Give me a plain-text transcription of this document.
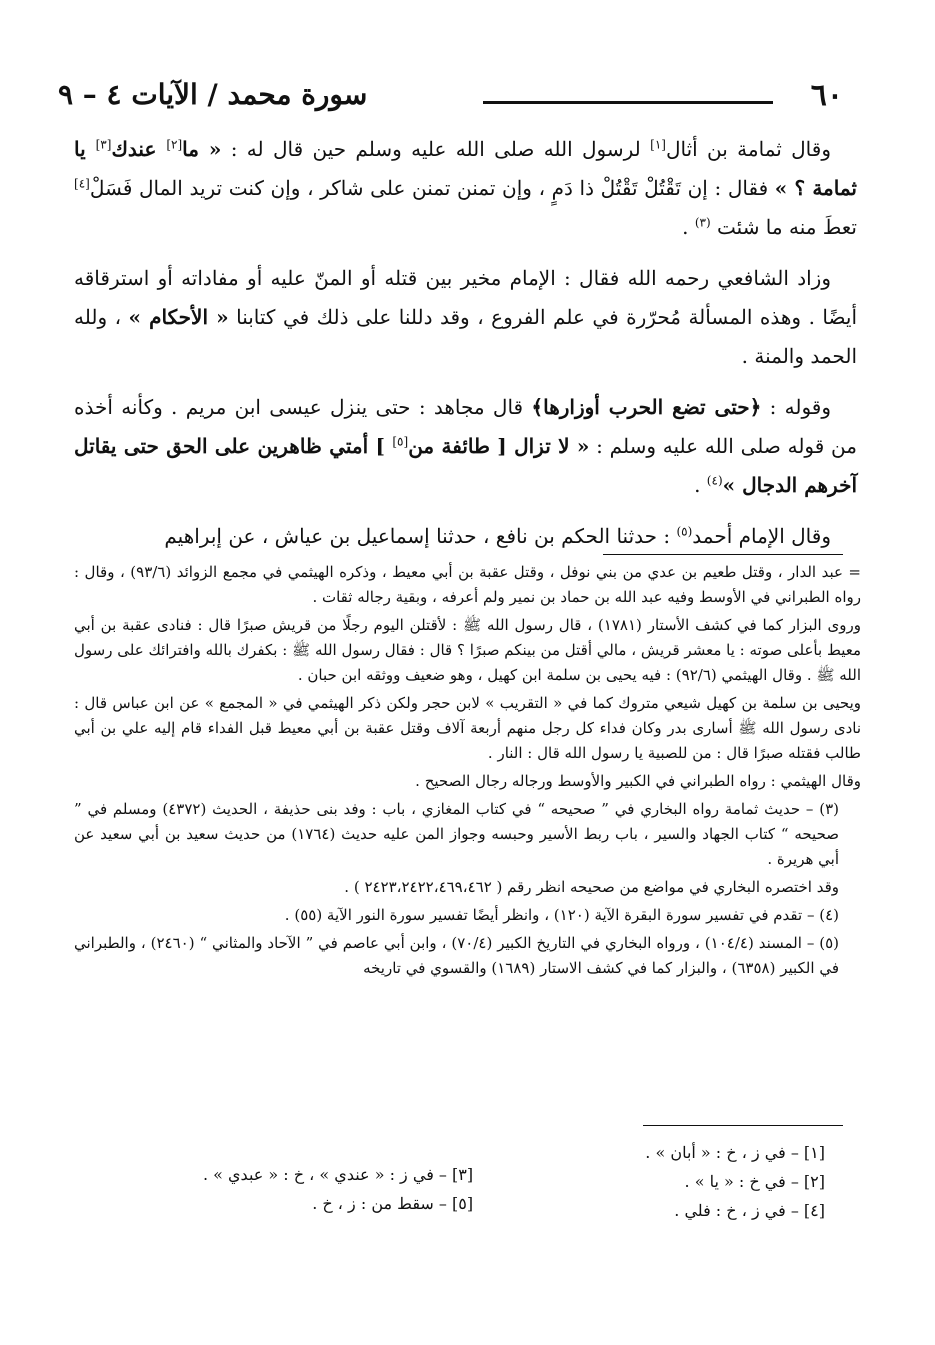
٦٠
سورة محمد / الآيات ٤ – ٩

وقال ثمامة بن أثال[١] لرسول الله صلى الله عليه وسلم حين قال له : « ما[٢] عندك[٣] يا ثمامة ؟ » فقال : إن تَقْتُلْ تَقْتُلْ ذا دَمٍ ، وإن تمنن تمنن على شاكر ، وإن كنت تريد المال فَسَلْ[٤] تعطَ منه ما شئت $^{(٣)}$ .

وزاد الشافعي رحمه الله فقال : الإمام مخير بين قتله أو المنّ عليه أو مفاداته أو استرقاقه أيضًا . وهذه المسألة مُحرّرة في علم الفروع ، وقد دللنا على ذلك في كتابنا « الأحكام » ، ولله الحمد والمنة .

وقوله : ﴿حتى تضع الحرب أوزارها﴾ قال مجاهد : حتى ينزل عيسى ابن مريم . وكأنه أخذه من قوله صلى الله عليه وسلم : « لا تزال [ طائفة من[٥] ] أمتي ظاهرين على الحق حتى يقاتل آخرهم الدجال »$^{(٤)}$ .

وقال الإمام أحمد$^{(٥)}$ : حدثنا الحكم بن نافع ، حدثنا إسماعيل بن عياش ، عن إبراهيم

= عبد الدار ، وقتل طعيم بن عدي من بني نوفل ، وقتل عقبة بن أبي معيط ، وذكره الهيثمي في مجمع الزوائد (٩٣/٦) ، وقال : رواه الطبراني في الأوسط وفيه عبد الله بن حماد بن نمير ولم أعرفه ، وبقية رجاله ثقات .
وروى البزار كما في كشف الأستار (١٧٨١) ، قال رسول الله ﷺ : لأقتلن اليوم رجلًا من قريش صبرًا قال : فنادى عقبة بن أبي معيط بأعلى صوته : يا معشر قريش ، مالي أقتل من بينكم صبرًا ؟ قال : فقال رسول الله ﷺ : بكفرك بالله وافترائك على رسول الله ﷺ . وقال الهيثمي (٩٢/٦) : فيه يحيى بن سلمة ابن كهيل ، وهو ضعيف ووثقه ابن حبان .
ويحيى بن سلمة بن كهيل شيعي متروك كما في « التقريب » لابن حجر ولكن ذكر الهيثمي في « المجمع » عن ابن عباس قال : نادى رسول الله ﷺ أسارى بدر وكان فداء كل رجل منهم أربعة آلاف وقتل عقبة بن أبي معيط قبل الفداء قام إليه علي بن أبي طالب فقتله صبرًا قال : من للصبية يا رسول الله قال : النار .
وقال الهيثمي : رواه الطبراني في الكبير والأوسط ورجاله رجال الصحيح .
(٣) – حديث ثمامة رواه البخاري في ” صحيحه “ في كتاب المغازي ، باب : وفد بنى حذيفة ، الحديث (٤٣٧٢) ومسلم في ” صحيحه “ كتاب الجهاد والسير ، باب ربط الأسير وحبسه وجواز المن عليه حديث (١٧٦٤) من حديث سعيد بن أبي سعيد عن أبي هريرة .
وقد اختصره البخاري في مواضع من صحيحه انظر رقم ( ٢٤٢٣،٢٤٢٢،٤٦٩،٤٦٢ ) .
(٤) – تقدم في تفسير سورة البقرة الآية (١٢٠) ، وانظر أيضًا تفسير سورة النور الآية (٥٥) .
(٥) – المسند (١٠٤/٤) ، ورواه البخاري في التاريخ الكبير (٧٠/٤) ، وابن أبي عاصم في ” الآحاد والمثاني “ (٢٤٦٠) ، والطبراني في الكبير (٦٣٥٨) ، والبزار كما في كشف الاستار (١٦٨٩) والقسوي في تاريخه
[١] – في ز ، خ : « أبان » .
[٢] – في خ : « يا » .
[٤] – في ز ، خ : فلي .
[٣] – في ز : « عندي » ، خ : « عبدي » .
[٥] – سقط من : ز ، خ .
